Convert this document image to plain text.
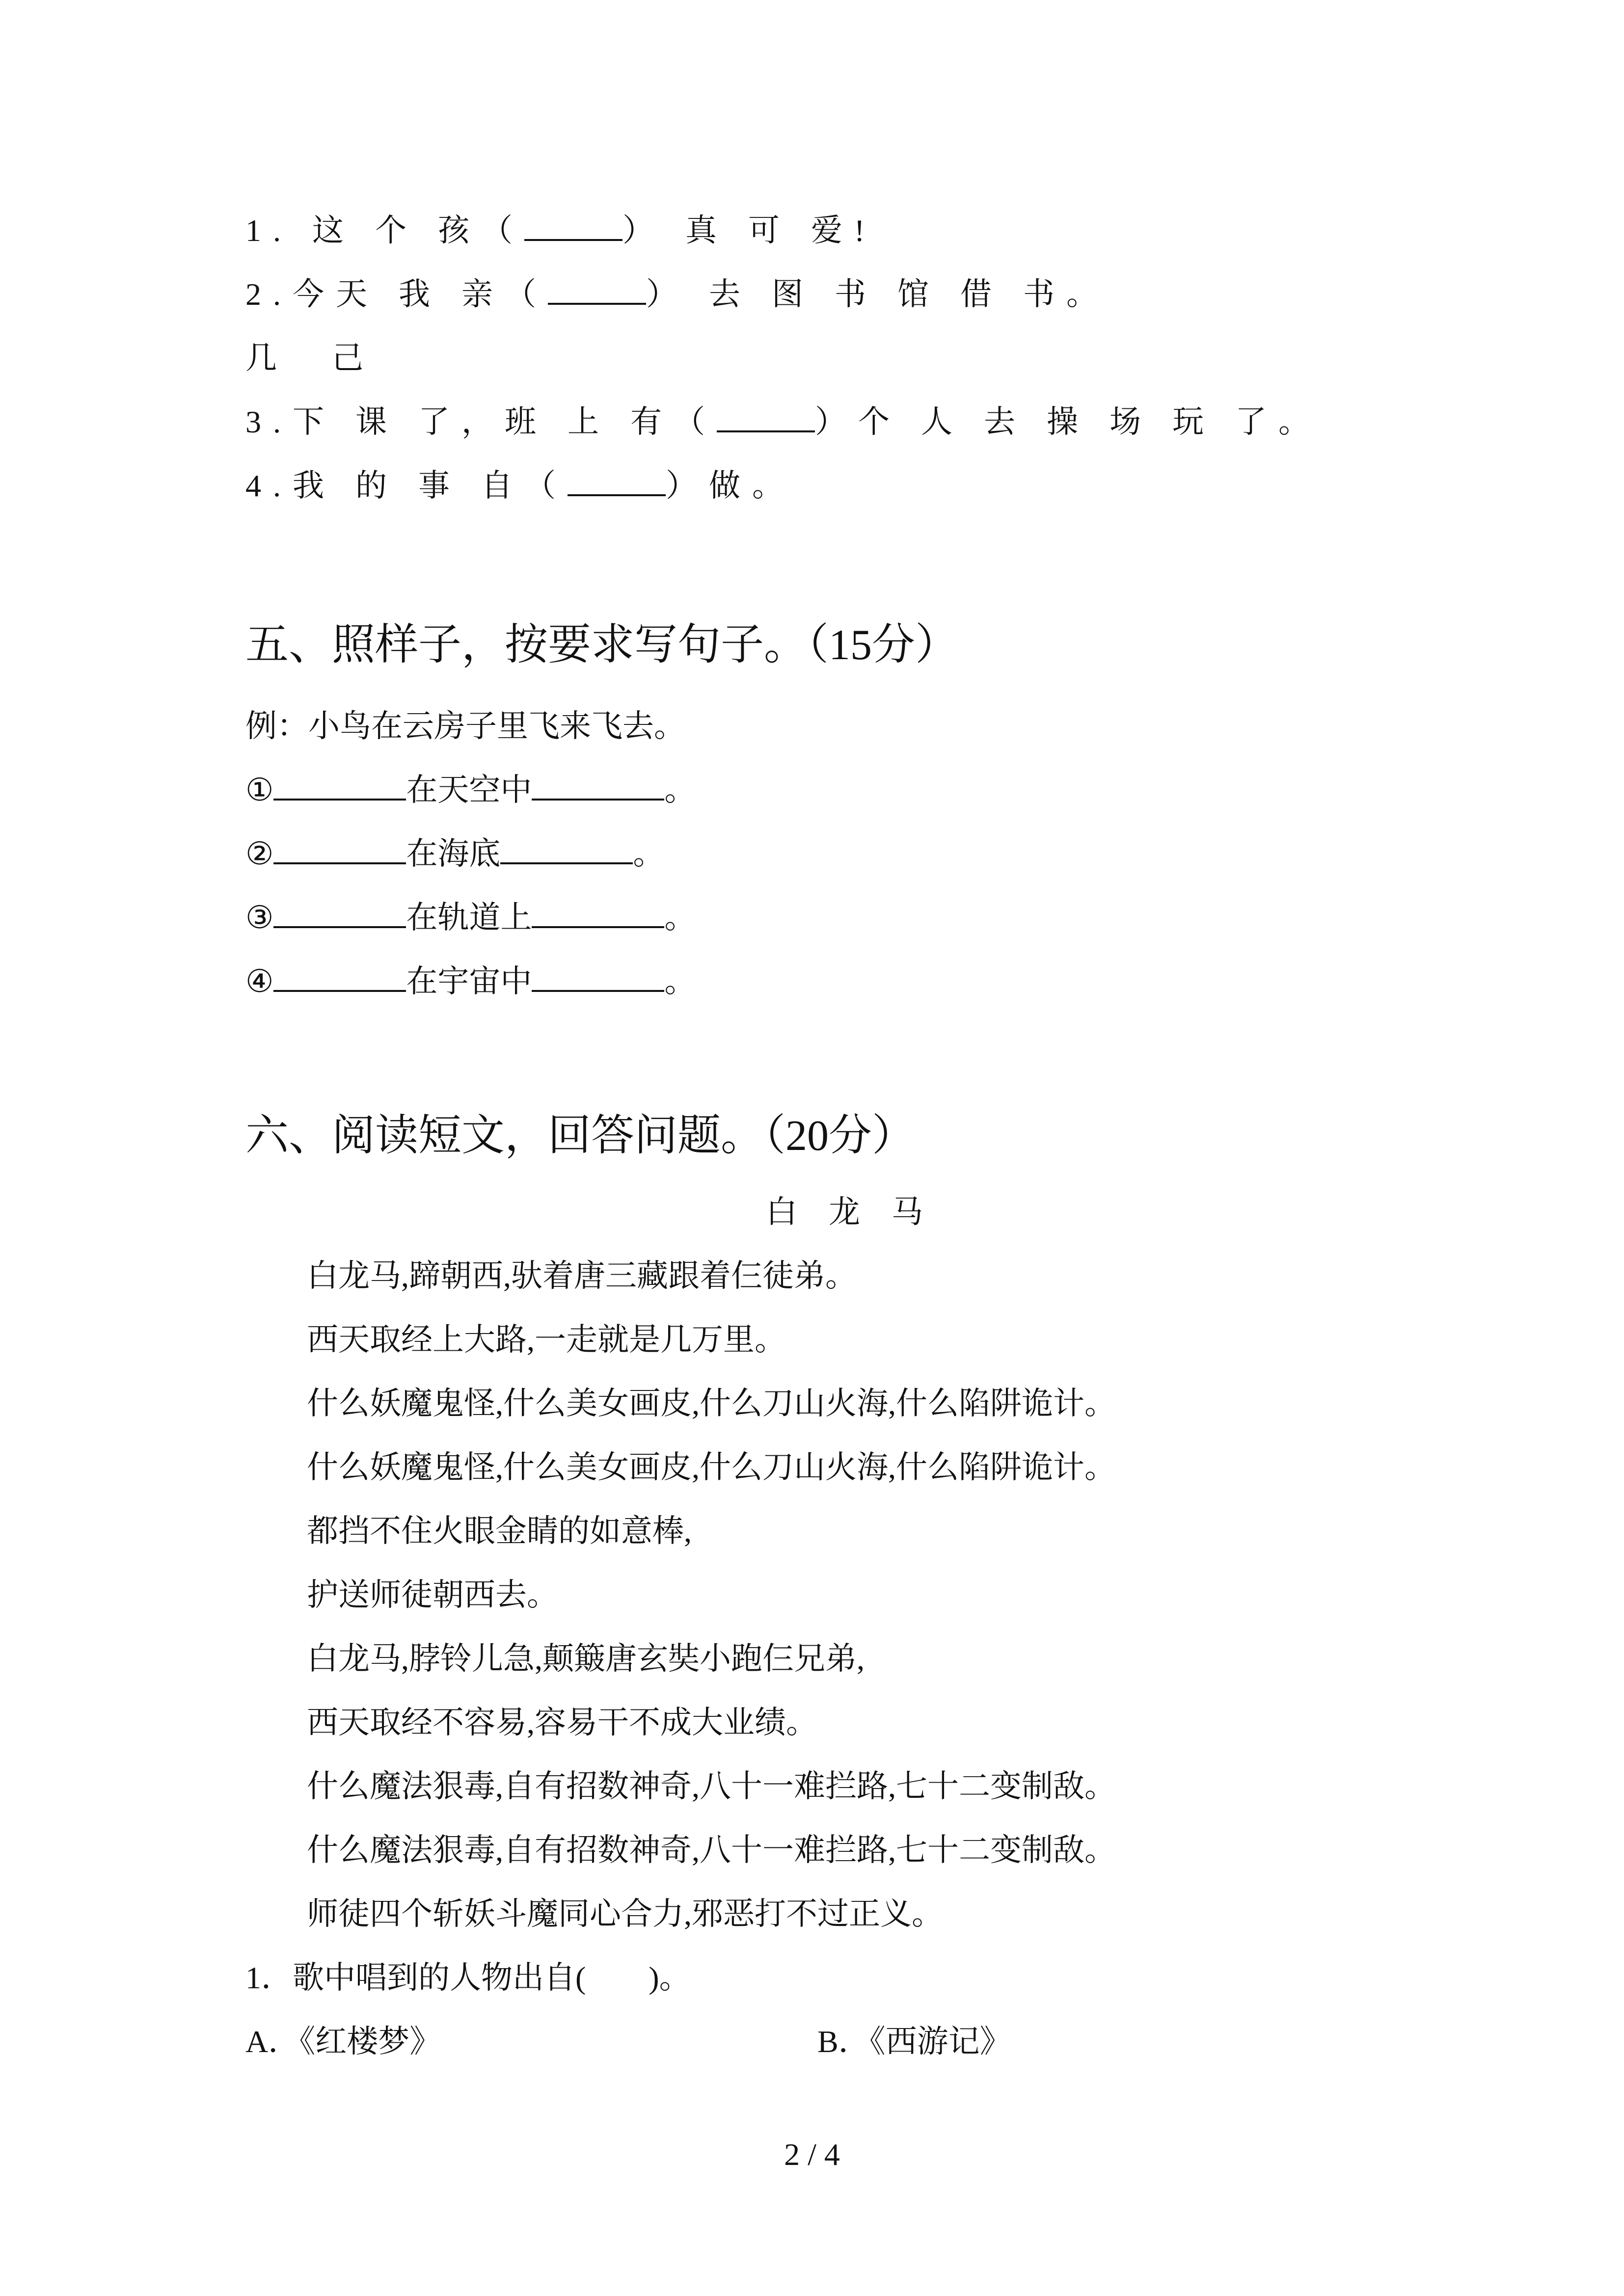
1. 这 个 孩（	） 真 可 爱!
2.今天 我 亲（	） 去 图 书 馆 借 书。
几　己
3.下 课 了，班 上 有（	）个 人 去 操 场 玩 了。
4.我 的 事 自（	）做。
五、照样子，按要求写句子。（15分）
例：小鸟在云房子里飞来飞去。
①	在天空中	。
②	在海底	。
③	在轨道上	。
④	在宇宙中	。
六、阅读短文，回答问题。（20分）
白龙马
白龙马,蹄朝西,驮着唐三藏跟着仨徒弟。
西天取经上大路,一走就是几万里。
什么妖魔鬼怪,什么美女画皮,什么刀山火海,什么陷阱诡计。
什么妖魔鬼怪,什么美女画皮,什么刀山火海,什么陷阱诡计。
都挡不住火眼金睛的如意棒,
护送师徒朝西去。
白龙马,脖铃儿急,颠簸唐玄奘小跑仨兄弟,
西天取经不容易,容易干不成大业绩。
什么魔法狠毒,自有招数神奇,八十一难拦路,七十二变制敌。
什么魔法狠毒,自有招数神奇,八十一难拦路,七十二变制敌。
师徒四个斩妖斗魔同心合力,邪恶打不过正义。
1．歌中唱到的人物出自(　　)。
A．《红楼梦》	B．《西游记》
2 / 4
